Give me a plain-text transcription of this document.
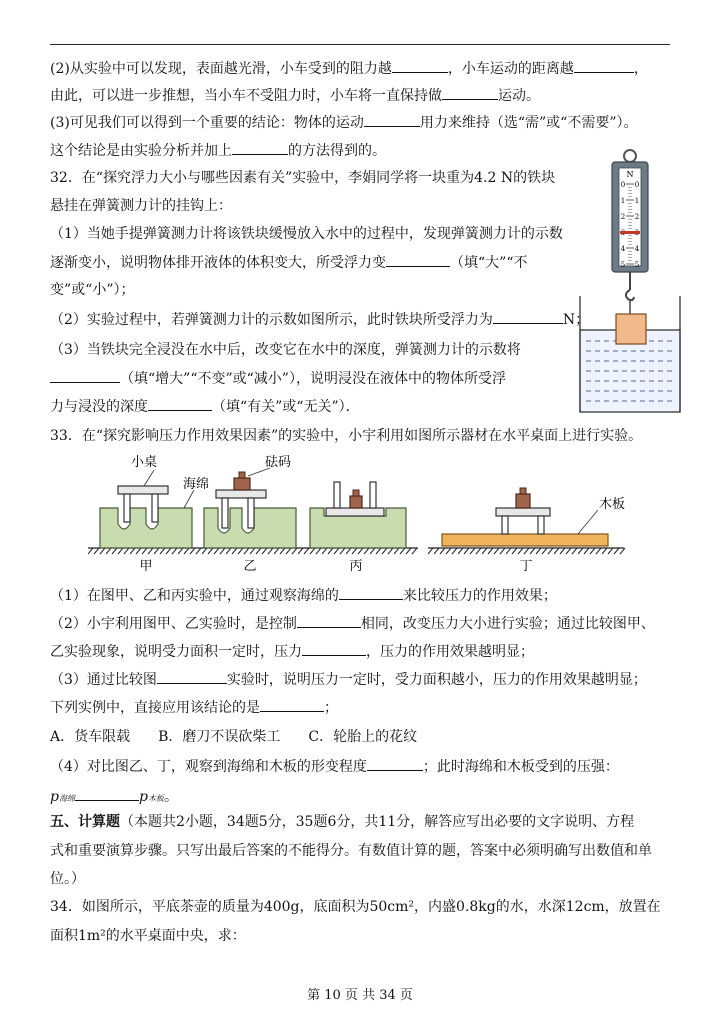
(2)从实验中可以发现，表面越光滑，小车受到的阻力越	，小车运动的距离越	，
由此，可以进一步推想，当小车不受阻力时，小车将一直保持做	运动。
(3)可见我们可以得到一个重要的结论：物体的运动	用力来维持（选“需”或“不需要”）。
这个结论是由实验分析并加上	的方法得到的。
32．在“探究浮力大小与哪些因素有关”实验中，李娟同学将一块重为4.2 N的铁块
悬挂在弹簧测力计的挂钩上：
（1）当她手提弹簧测力计将该铁块缓慢放入水中的过程中，发现弹簧测力计的示数
逐渐变小，说明物体排开液体的体积变大，所受浮力变	（填“大”“不
变”或“小”）；
（2）实验过程中，若弹簧测力计的示数如图所示，此时铁块所受浮力为	N；
（3）当铁块完全浸没在水中后，改变它在水中的深度，弹簧测力计的示数将
（填“增大”“不变”或“减小”），说明浸没在液体中的物体所受浮
力与浸没的深度	（填“有关”或“无关”）．
0 0
1 1
2 2
4 4
5 5
N
33．在“探究影响压力作用效果因素”的实验中，小宇利用如图所示器材在水平桌面上进行实验。
小桌	砝码
海绵
木板
甲	乙	丙	丁
（1）在图甲、乙和丙实验中，通过观察海绵的	来比较压力的作用效果；
（2）小宇利用图甲、乙实验时，是控制	相同，改变压力大小进行实验；通过比较图甲、
乙实验现象，说明受力面积一定时，压力	，压力的作用效果越明显；
（3）通过比较图	实验时，说明压力一定时，受力面积越小，压力的作用效果越明显；
下列实例中，直接应用该结论的是	；
A．货车限载　　B．磨刀不误砍柴工　　C．轮胎上的花纹
（4）对比图乙、丁，观察到海绵和木板的形变程度	；此时海绵和木板受到的压强：
p海绵	p木板。
五、计算题（本题共2小题，34题5分，35题6分，共11分，解答应写出必要的文字说明、方程
式和重要演算步骤。只写出最后答案的不能得分。有数值计算的题，答案中必须明确写出数值和单
位。）
34．如图所示，平底茶壶的质量为400g，底面积为50cm²，内盛0.8kg的水，水深12cm，放置在
面积1m²的水平桌面中央，求：
第 10 页 共 34 页
